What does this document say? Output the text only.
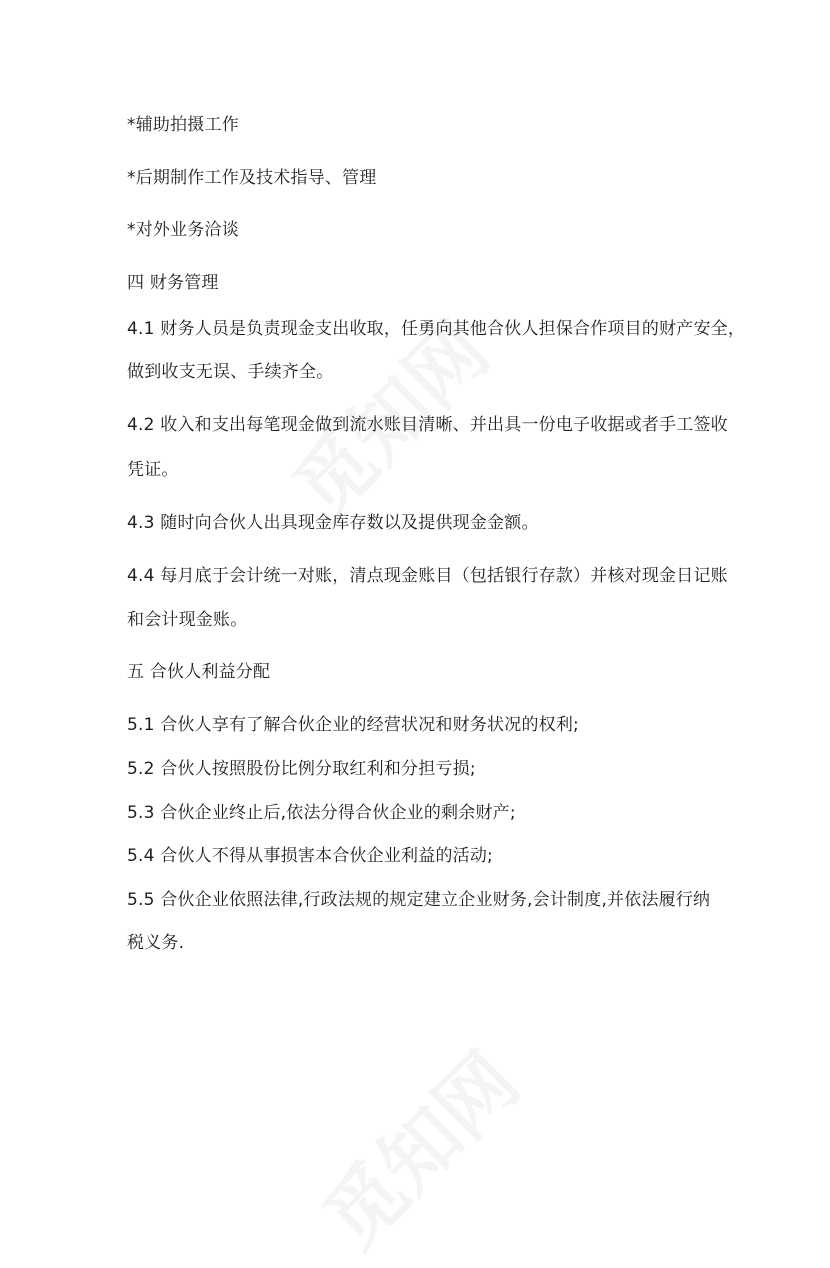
*辅助拍摄工作
*后期制作工作及技术指导、管理
*对外业务洽谈
四 财务管理
4.1 财务人员是负责现金支出收取，任勇向其他合伙人担保合作项目的财产安全，
做到收支无误、手续齐全。
4.2 收入和支出每笔现金做到流水账目清晰、并出具一份电子收据或者手工签收
凭证。
4.3 随时向合伙人出具现金库存数以及提供现金金额。
4.4 每月底于会计统一对账，清点现金账目（包括银行存款）并核对现金日记账
和会计现金账。
五 合伙人利益分配
5.1 合伙人享有了解合伙企业的经营状况和财务状况的权利;
5.2 合伙人按照股份比例分取红利和分担亏损;
5.3 合伙企业终止后,依法分得合伙企业的剩余财产;
5.4 合伙人不得从事损害本合伙企业利益的活动;
5.5 合伙企业依照法律,行政法规的规定建立企业财务,会计制度,并依法履行纳
税义务.
